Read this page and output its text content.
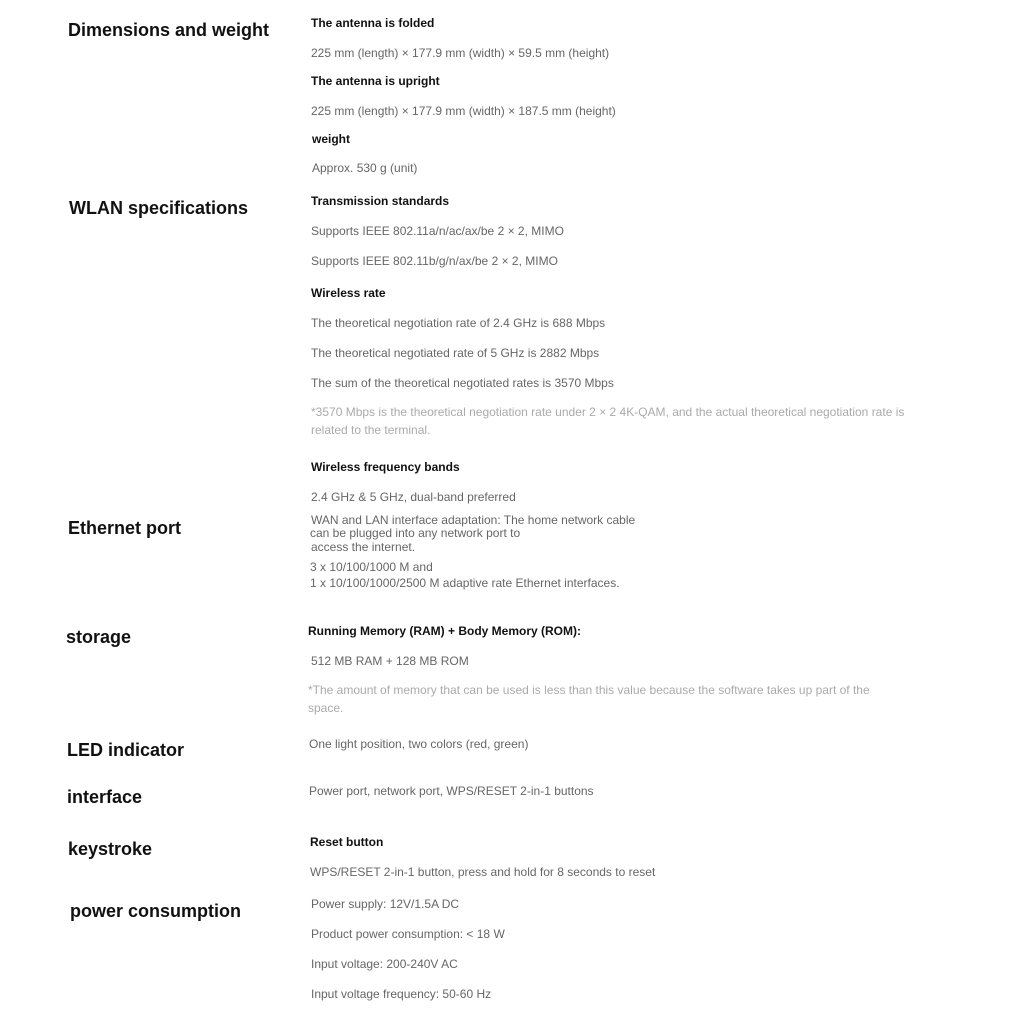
Dimensions and weight	The antenna is folded
225 mm (length) × 177.9 mm (width) × 59.5 mm (height)
The antenna is upright
225 mm (length) × 177.9 mm (width) × 187.5 mm (height)
weight
Approx. 530 g (unit)
WLAN specifications	Transmission standards
Supports IEEE 802.11a/n/ac/ax/be 2 × 2, MIMO
Supports IEEE 802.11b/g/n/ax/be 2 × 2, MIMO
Wireless rate
The theoretical negotiation rate of 2.4 GHz is 688 Mbps
The theoretical negotiated rate of 5 GHz is 2882 Mbps
The sum of the theoretical negotiated rates is 3570 Mbps
*3570 Mbps is the theoretical negotiation rate under 2 × 2 4K-QAM, and the actual theoretical negotiation rate is related to the terminal.
Wireless frequency bands
2.4 GHz & 5 GHz, dual-band preferred
Ethernet port	WAN and LAN interface adaptation: The home network cable
can be plugged into any network port to
access the internet.
3 x 10/100/1000 M and
1 x 10/100/1000/2500 M adaptive rate Ethernet interfaces.
storage	Running Memory (RAM) + Body Memory (ROM):
512 MB RAM + 128 MB ROM
*The amount of memory that can be used is less than this value because the software takes up part of the space.
LED indicator	One light position, two colors (red, green)
interface	Power port, network port, WPS/RESET 2-in-1 buttons
keystroke	Reset button
WPS/RESET 2-in-1 button, press and hold for 8 seconds to reset
power consumption	Power supply: 12V/1.5A DC
Product power consumption: < 18 W
Input voltage: 200-240V AC
Input voltage frequency: 50-60 Hz
